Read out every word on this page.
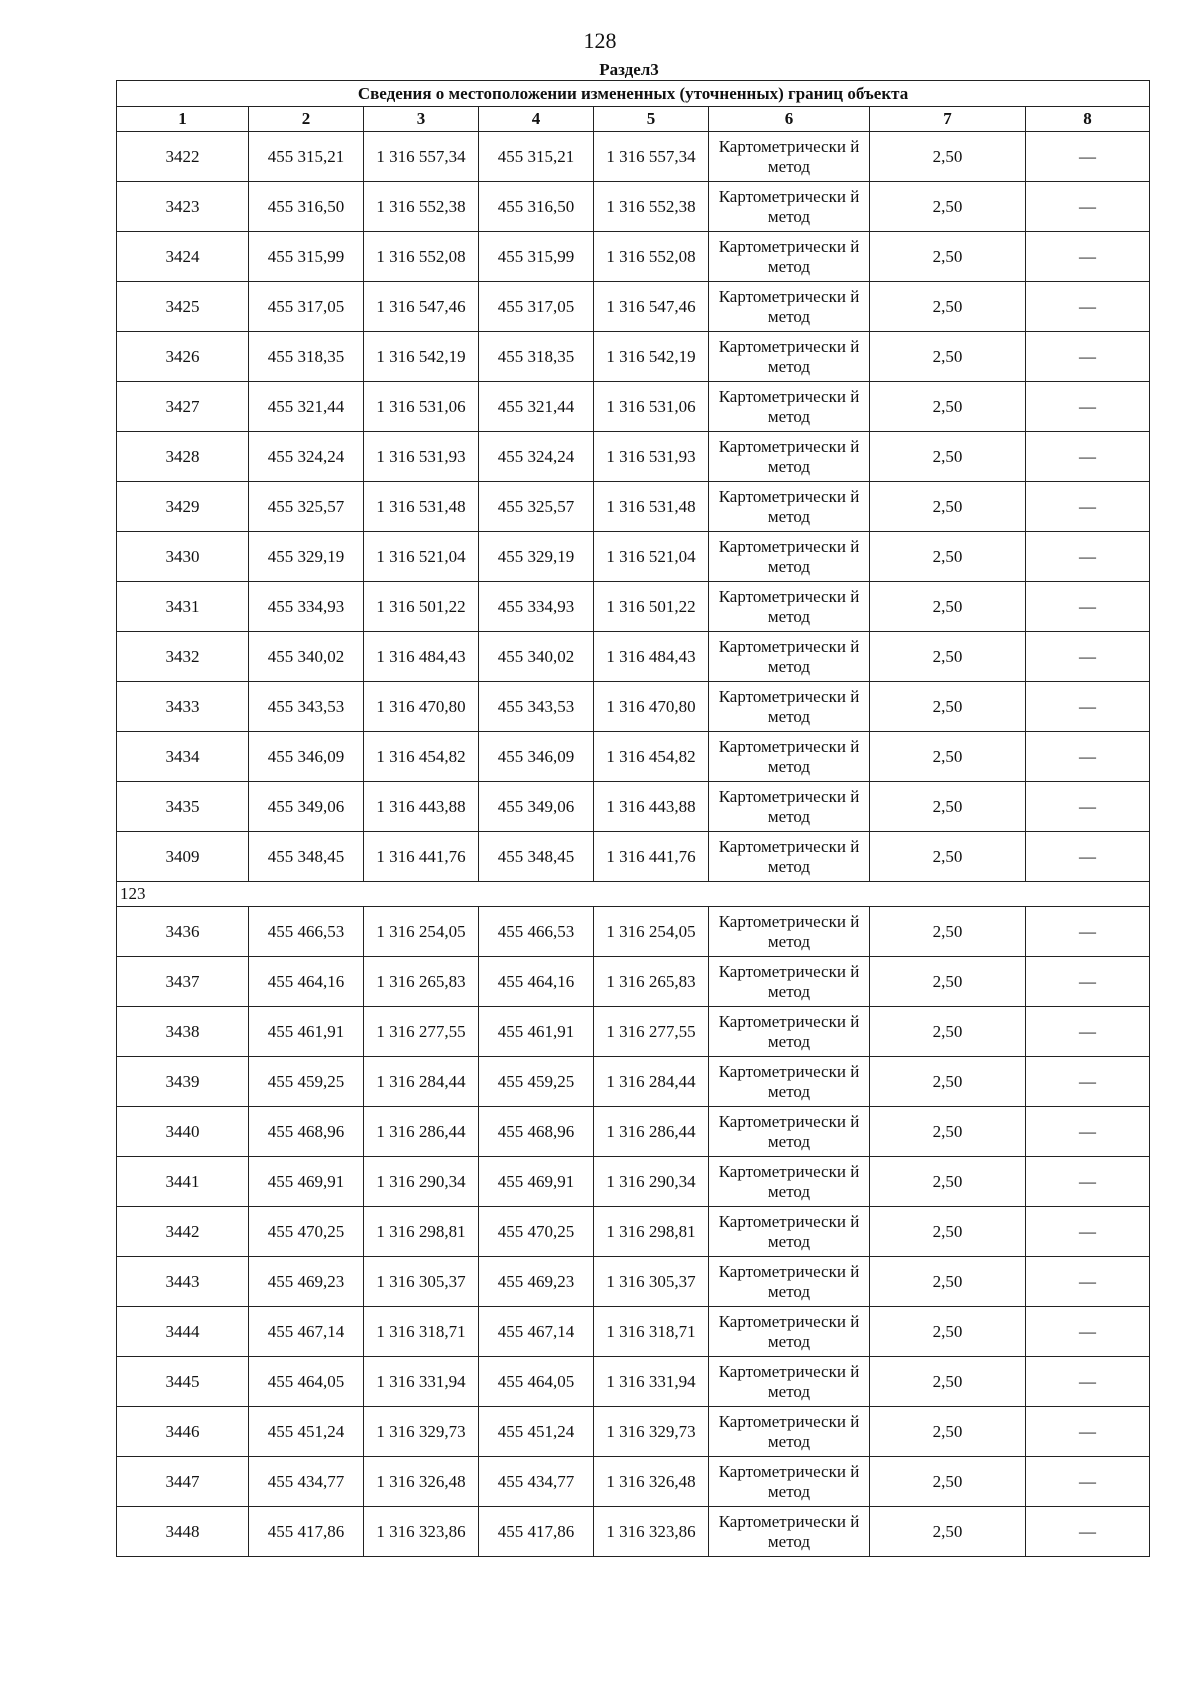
128
Раздел3
Сведения о местоположении измененных (уточненных) границ объекта							
1	2	3	4	5	6	7	8
3422	455 315,21	1 316 557,34	455 315,21	1 316 557,34	Картометрически й метод	2,50	—
3423	455 316,50	1 316 552,38	455 316,50	1 316 552,38	Картометрически й метод	2,50	—
3424	455 315,99	1 316 552,08	455 315,99	1 316 552,08	Картометрически й метод	2,50	—
3425	455 317,05	1 316 547,46	455 317,05	1 316 547,46	Картометрически й метод	2,50	—
3426	455 318,35	1 316 542,19	455 318,35	1 316 542,19	Картометрически й метод	2,50	—
3427	455 321,44	1 316 531,06	455 321,44	1 316 531,06	Картометрически й метод	2,50	—
3428	455 324,24	1 316 531,93	455 324,24	1 316 531,93	Картометрически й метод	2,50	—
3429	455 325,57	1 316 531,48	455 325,57	1 316 531,48	Картометрически й метод	2,50	—
3430	455 329,19	1 316 521,04	455 329,19	1 316 521,04	Картометрически й метод	2,50	—
3431	455 334,93	1 316 501,22	455 334,93	1 316 501,22	Картометрически й метод	2,50	—
3432	455 340,02	1 316 484,43	455 340,02	1 316 484,43	Картометрически й метод	2,50	—
3433	455 343,53	1 316 470,80	455 343,53	1 316 470,80	Картометрически й метод	2,50	—
3434	455 346,09	1 316 454,82	455 346,09	1 316 454,82	Картометрически й метод	2,50	—
3435	455 349,06	1 316 443,88	455 349,06	1 316 443,88	Картометрически й метод	2,50	—
3409	455 348,45	1 316 441,76	455 348,45	1 316 441,76	Картометрически й метод	2,50	—
123							
3436	455 466,53	1 316 254,05	455 466,53	1 316 254,05	Картометрически й метод	2,50	—
3437	455 464,16	1 316 265,83	455 464,16	1 316 265,83	Картометрически й метод	2,50	—
3438	455 461,91	1 316 277,55	455 461,91	1 316 277,55	Картометрически й метод	2,50	—
3439	455 459,25	1 316 284,44	455 459,25	1 316 284,44	Картометрически й метод	2,50	—
3440	455 468,96	1 316 286,44	455 468,96	1 316 286,44	Картометрически й метод	2,50	—
3441	455 469,91	1 316 290,34	455 469,91	1 316 290,34	Картометрически й метод	2,50	—
3442	455 470,25	1 316 298,81	455 470,25	1 316 298,81	Картометрически й метод	2,50	—
3443	455 469,23	1 316 305,37	455 469,23	1 316 305,37	Картометрически й метод	2,50	—
3444	455 467,14	1 316 318,71	455 467,14	1 316 318,71	Картометрически й метод	2,50	—
3445	455 464,05	1 316 331,94	455 464,05	1 316 331,94	Картометрически й метод	2,50	—
3446	455 451,24	1 316 329,73	455 451,24	1 316 329,73	Картометрически й метод	2,50	—
3447	455 434,77	1 316 326,48	455 434,77	1 316 326,48	Картометрически й метод	2,50	—
3448	455 417,86	1 316 323,86	455 417,86	1 316 323,86	Картометрически й метод	2,50	—
